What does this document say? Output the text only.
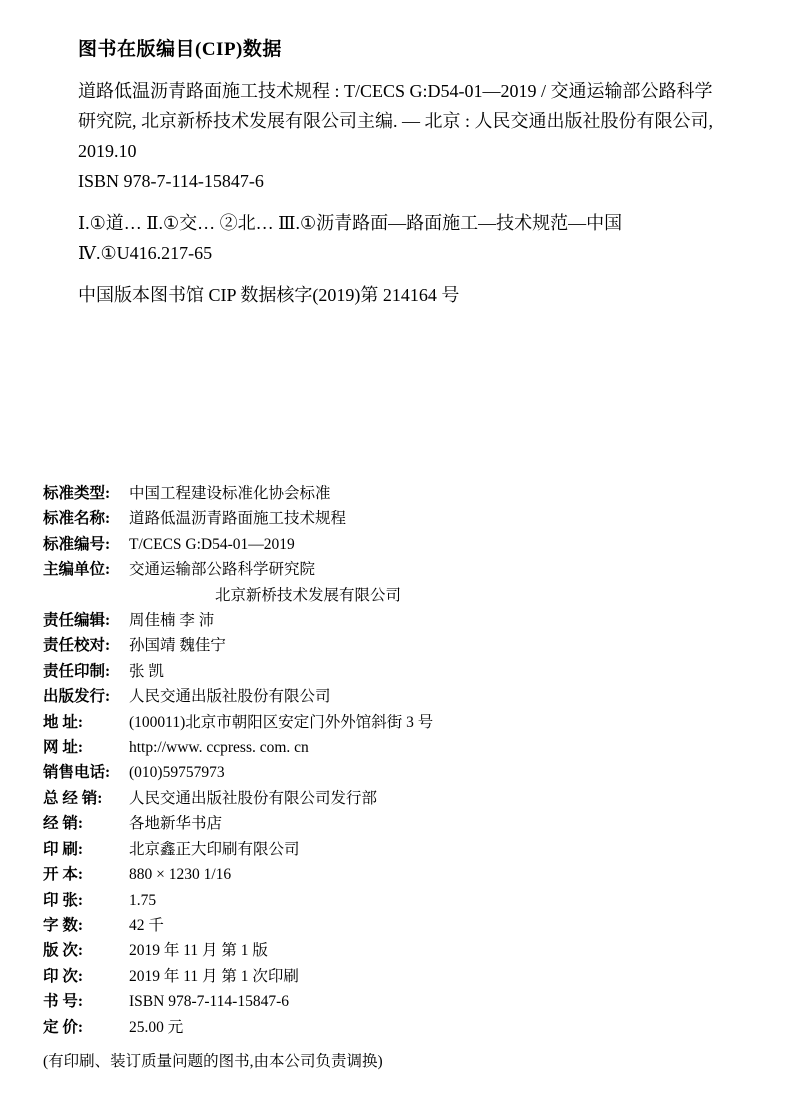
图书在版编目(CIP)数据

道路低温沥青路面施工技术规程 : T/CECS G:D54-01—2019 / 交通运输部公路科学研究院, 北京新桥技术发展有限公司主编. — 北京 : 人民交通出版社股份有限公司, 2019.10

ISBN 978-7-114-15847-6

Ⅰ.①道… Ⅱ.①交… ②北… Ⅲ.①沥青路面—路面施工—技术规范—中国 Ⅳ.①U416.217-65

中国版本图书馆 CIP 数据核字(2019)第 214164 号

标准类型:	中国工程建设标准化协会标准
标准名称:	道路低温沥青路面施工技术规程
标准编号:	T/CECS G:D54-01—2019
主编单位:	交通运输部公路科学研究院
北京新桥技术发展有限公司
责任编辑:	周佳楠 李 沛
责任校对:	孙国靖 魏佳宁
责任印制:	张 凯
出版发行:	人民交通出版社股份有限公司
地 址:	(100011)北京市朝阳区安定门外外馆斜街 3 号
网 址:	http://www. ccpress. com. cn
销售电话:	(010)59757973
总 经 销:	人民交通出版社股份有限公司发行部
经 销:	各地新华书店
印 刷:	北京鑫正大印刷有限公司
开 本:	880 × 1230 1/16
印 张:	1.75
字 数:	42 千
版 次:	2019 年 11 月 第 1 版
印 次:	2019 年 11 月 第 1 次印刷
书 号:	ISBN 978-7-114-15847-6
定 价:	25.00 元
(有印刷、装订质量问题的图书,由本公司负责调换)
